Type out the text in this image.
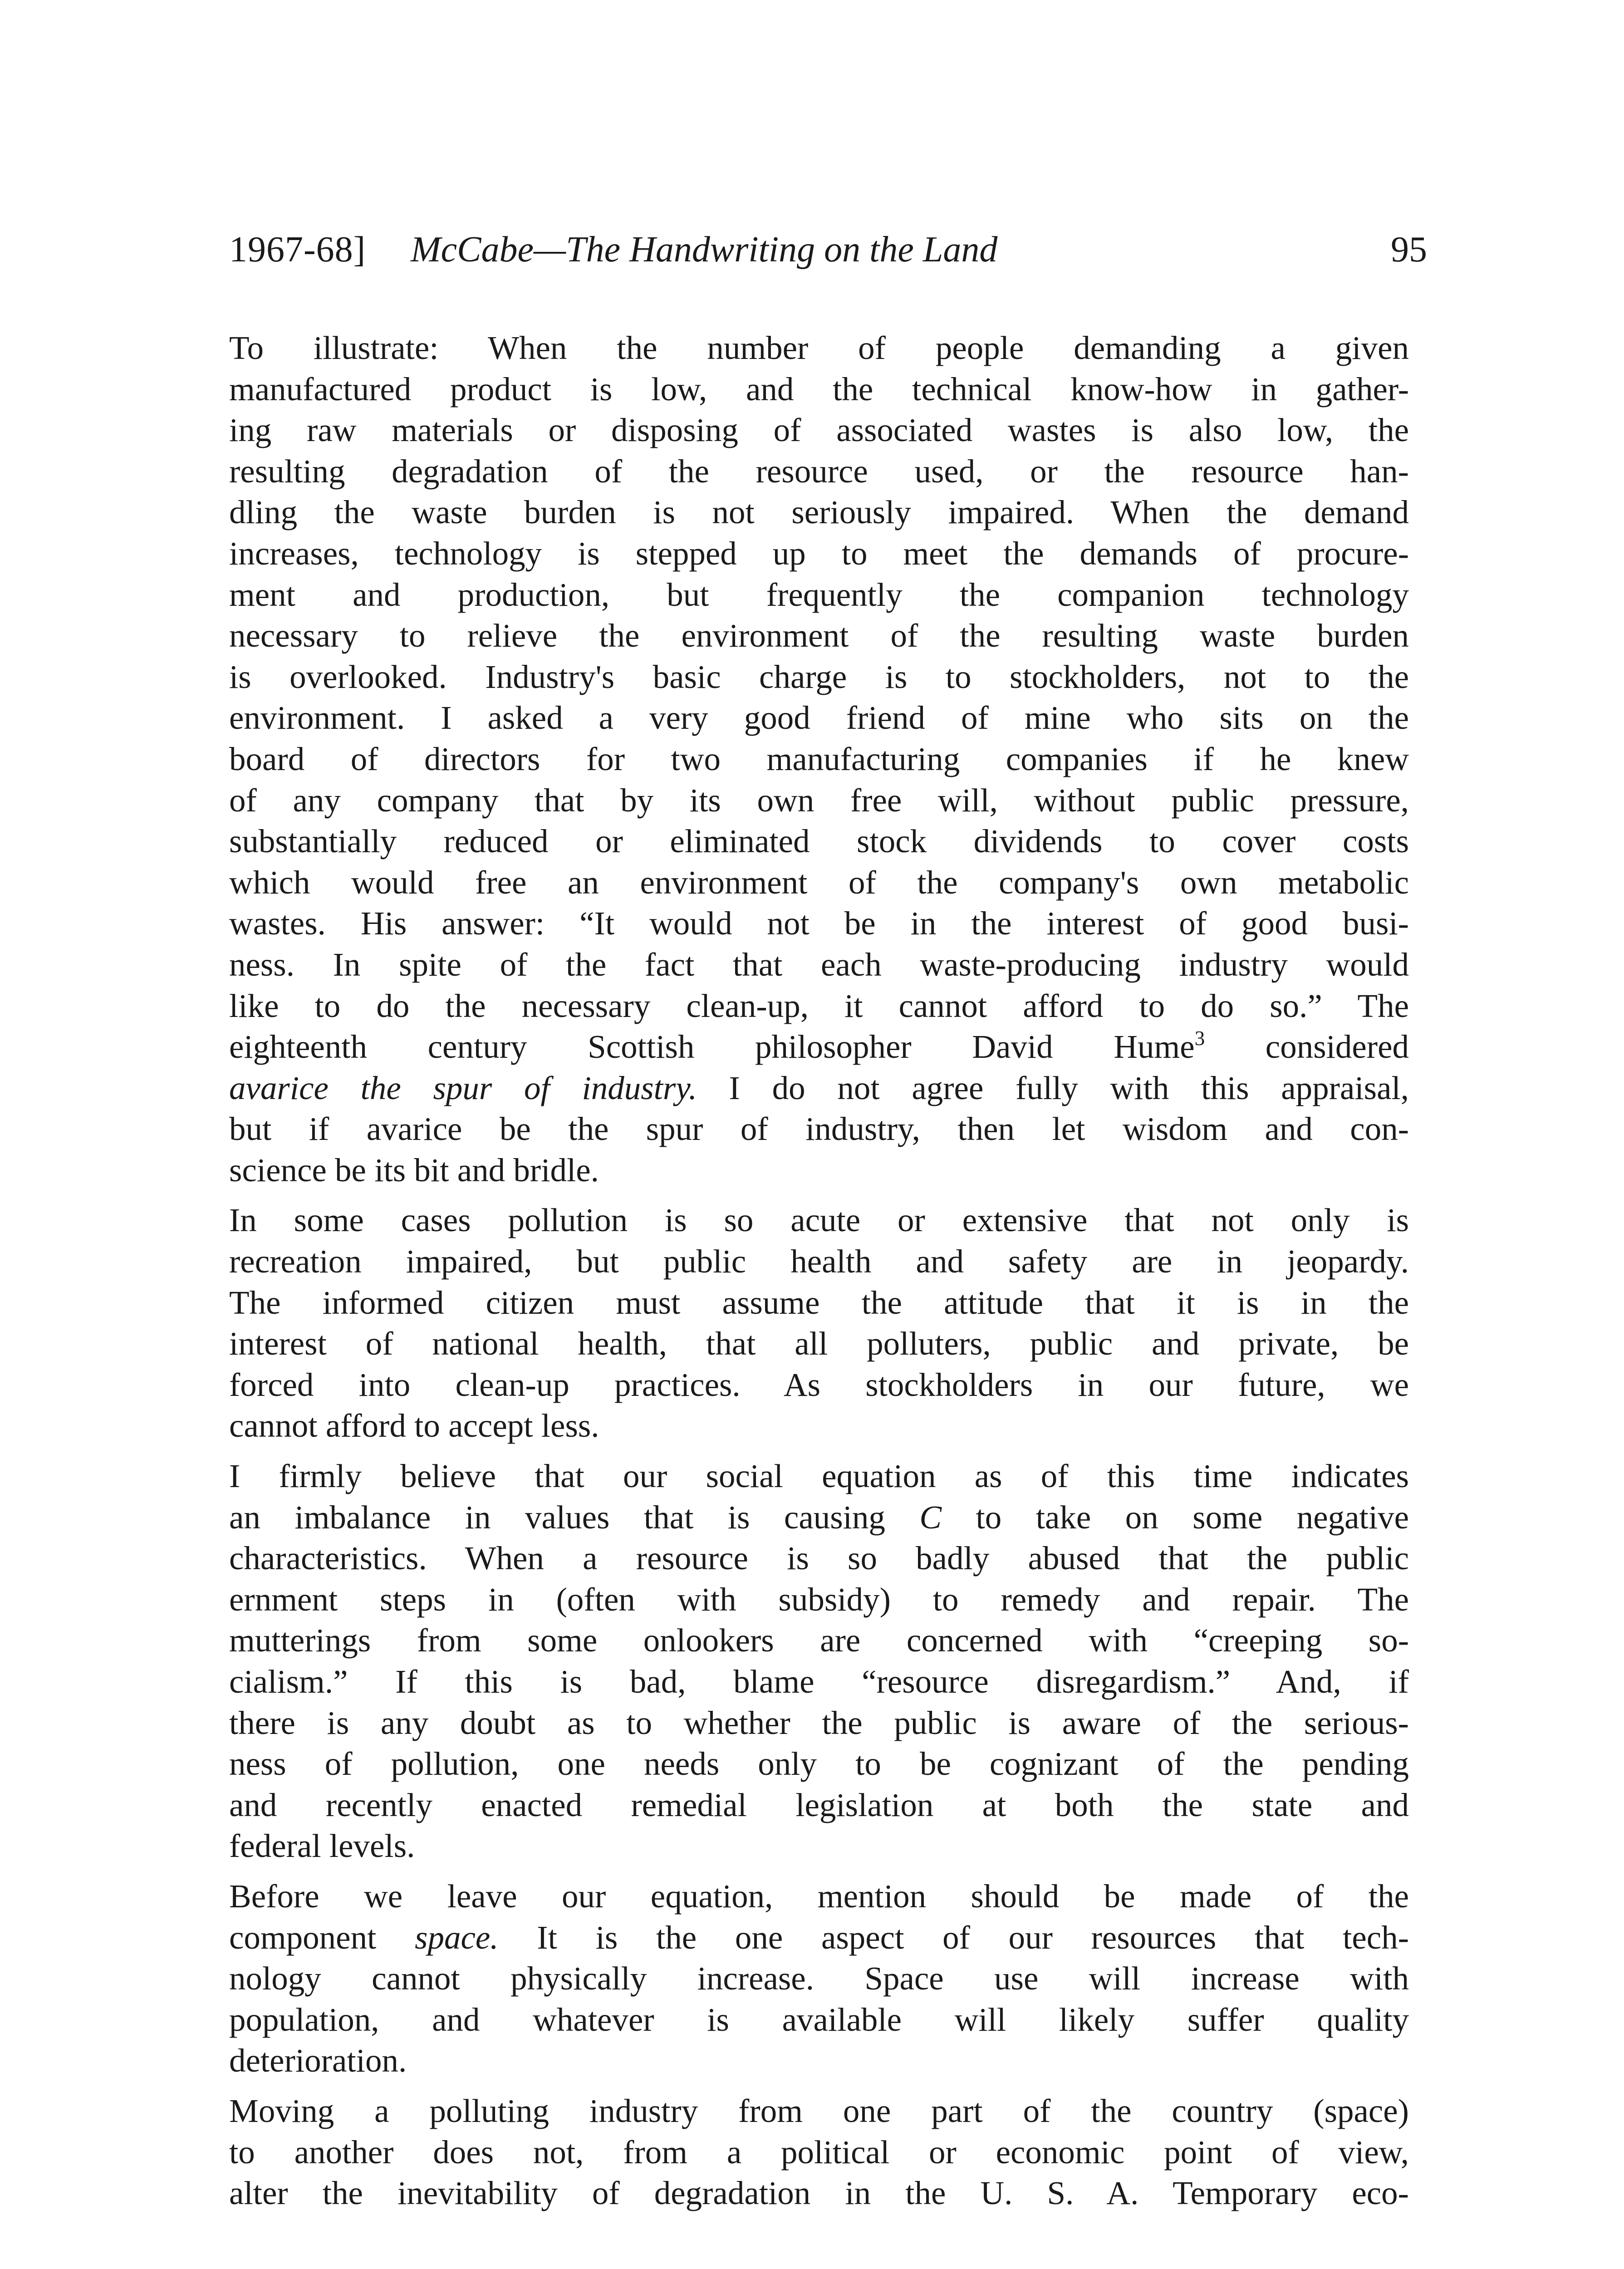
1967-68] McCabe—The Handwriting on the Land	95
To illustrate: When the number of people demanding a given
manufactured product is low, and the technical know-how in gather-
ing raw materials or disposing of associated wastes is also low, the
resulting degradation of the resource used, or the resource han-
dling the waste burden is not seriously impaired. When the demand
increases, technology is stepped up to meet the demands of procure-
ment and production, but frequently the companion technology
necessary to relieve the environment of the resulting waste burden
is overlooked. Industry's basic charge is to stockholders, not to the
environment. I asked a very good friend of mine who sits on the
board of directors for two manufacturing companies if he knew
of any company that by its own free will, without public pressure,
substantially reduced or eliminated stock dividends to cover costs
which would free an environment of the company's own metabolic
wastes. His answer: “It would not be in the interest of good busi-
ness. In spite of the fact that each waste-producing industry would
like to do the necessary clean-up, it cannot afford to do so.” The
eighteenth century Scottish philosopher David Hume$^3$ considered
avarice the spur of industry. I do not agree fully with this appraisal,
but if avarice be the spur of industry, then let wisdom and con-
science be its bit and bridle.
In some cases pollution is so acute or extensive that not only is
recreation impaired, but public health and safety are in jeopardy.
The informed citizen must assume the attitude that it is in the
interest of national health, that all polluters, public and private, be
forced into clean-up practices. As stockholders in our future, we
cannot afford to accept less.
I firmly believe that our social equation as of this time indicates
an imbalance in values that is causing C to take on some negative
characteristics. When a resource is so badly abused that the public
ernment steps in (often with subsidy) to remedy and repair. The
mutterings from some onlookers are concerned with “creeping so-
cialism.” If this is bad, blame “resource disregardism.” And, if
there is any doubt as to whether the public is aware of the serious-
ness of pollution, one needs only to be cognizant of the pending
and recently enacted remedial legislation at both the state and
federal levels.
Before we leave our equation, mention should be made of the
component space. It is the one aspect of our resources that tech-
nology cannot physically increase. Space use will increase with
population, and whatever is available will likely suffer quality
deterioration.
Moving a polluting industry from one part of the country (space)
to another does not, from a political or economic point of view,
alter the inevitability of degradation in the U. S. A. Temporary eco-
